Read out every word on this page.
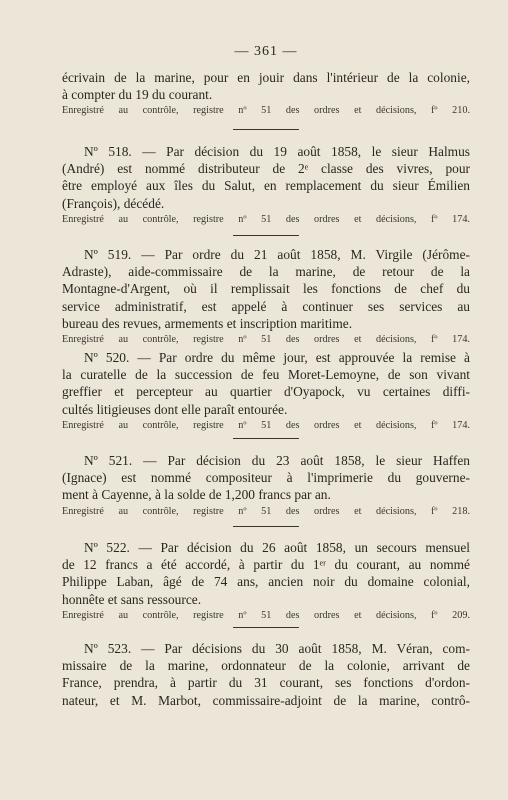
— 361 —
écrivain de la marine, pour en jouir dans l'intérieur de la colonie,
à compter du 19 du courant.
Enregistré au contrôle, registre nº 51 des ordres et décisions, fº 210.
Nº 518. — Par décision du 19 août 1858, le sieur Halmus
(André) est nommé distributeur de 2ᵉ classe des vivres, pour
être employé aux îles du Salut, en remplacement du sieur Émilien
(François), décédé.
Enregistré au contrôle, registre nº 51 des ordres et décisions, fº 174.
Nº 519. — Par ordre du 21 août 1858, M. Virgile (Jérôme-
Adraste), aide-commissaire de la marine, de retour de la
Montagne-d'Argent, où il remplissait les fonctions de chef du
service administratif, est appelé à continuer ses services au
bureau des revues, armements et inscription maritime.
Enregistré au contrôle, registre nº 51 des ordres et décisions, fº 174.
Nº 520. — Par ordre du même jour, est approuvée la remise à
la curatelle de la succession de feu Moret-Lemoyne, de son vivant
greffier et percepteur au quartier d'Oyapock, vu certaines diffi-
cultés litigieuses dont elle paraît entourée.
Enregistré au contrôle, registre nº 51 des ordres et décisions, fº 174.
Nº 521. — Par décision du 23 août 1858, le sieur Haffen
(Ignace) est nommé compositeur à l'imprimerie du gouverne-
ment à Cayenne, à la solde de 1,200 francs par an.
Enregistré au contrôle, registre nº 51 des ordres et décisions, fº 218.
Nº 522. — Par décision du 26 août 1858, un secours mensuel
de 12 francs a été accordé, à partir du 1ᵉʳ du courant, au nommé
Philippe Laban, âgé de 74 ans, ancien noir du domaine colonial,
honnête et sans ressource.
Enregistré au contrôle, registre nº 51 des ordres et décisions, fº 209.
Nº 523. — Par décisions du 30 août 1858, M. Véran, com-
missaire de la marine, ordonnateur de la colonie, arrivant de
France, prendra, à partir du 31 courant, ses fonctions d'ordon-
nateur, et M. Marbot, commissaire-adjoint de la marine, contrô-
